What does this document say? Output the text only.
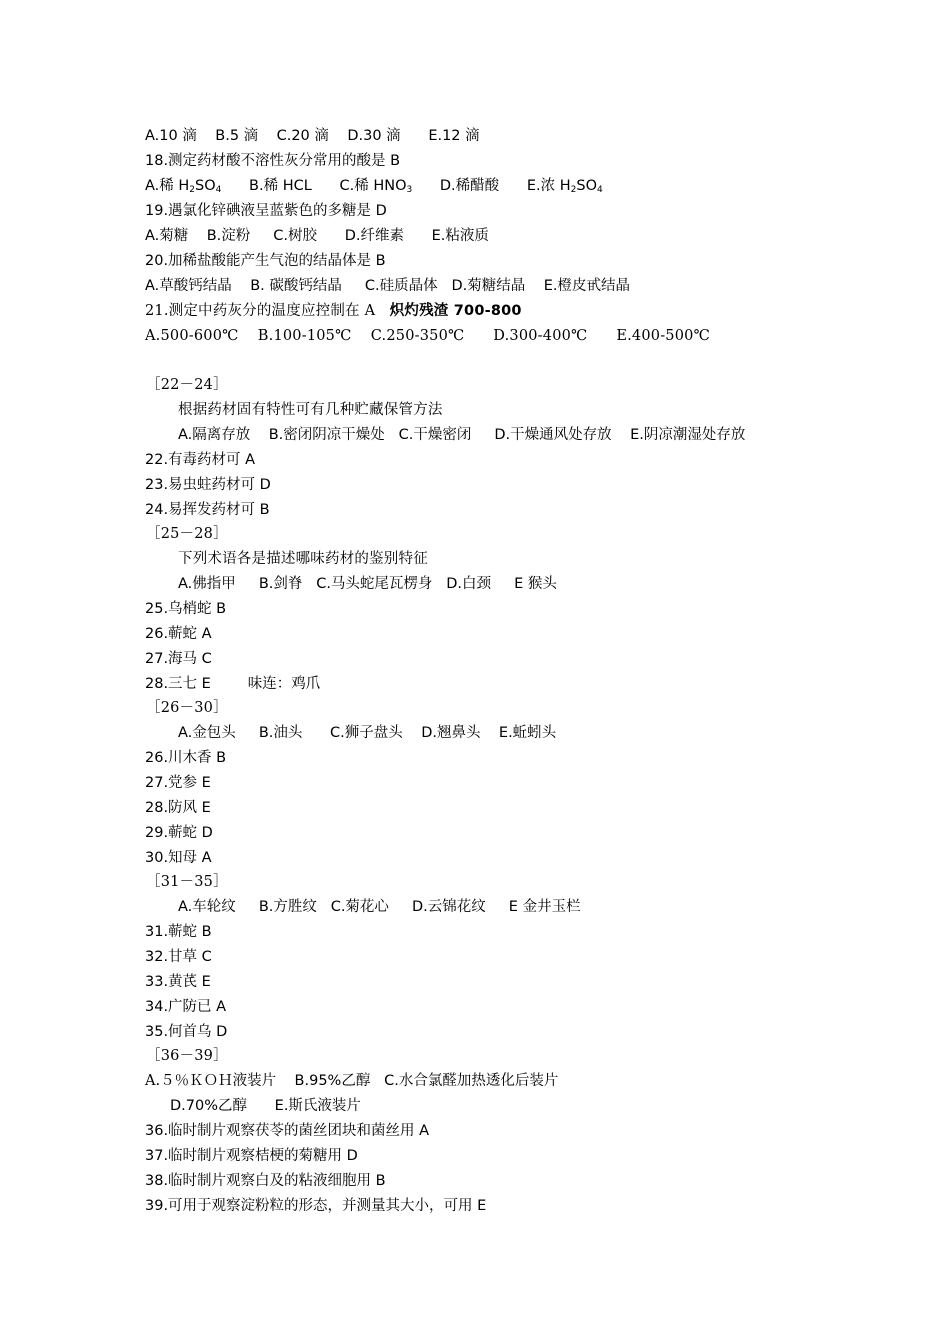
A.10 滴    B.5 滴    C.20 滴    D.30 滴      E.12 滴
18.测定药材酸不溶性灰分常用的酸是 B
A.稀 $H_2SO_4$ B.稀 HCL C.稀 $HNO_3$ D.稀醋酸 E.浓 $H_2SO_4$
19.遇氯化锌碘液呈蓝紫色的多糖是 D
A.菊糖    B.淀粉     C.树胶      D.纤维素      E.粘液质
20.加稀盐酸能产生气泡的结晶体是 B
A.草酸钙结晶    B. 碳酸钙结晶     C.硅质晶体   D.菊糖结晶    E.橙皮甙结晶
21.测定中药灰分的温度应控制在 A 炽灼残渣 700-800
A.500-600℃    B.100-105℃    C.250-350℃      D.300-400℃      E.400-500℃
［22－24］
根据药材固有特性可有几种贮藏保管方法
A.隔离存放    B.密闭阴凉干燥处   C.干燥密闭     D.干燥通风处存放    E.阴凉潮湿处存放
22.有毒药材可 A
23.易虫蛀药材可 D
24.易挥发药材可 B
［25－28］
下列术语各是描述哪味药材的鉴别特征
A.佛指甲     B.剑脊   C.马头蛇尾瓦楞身   D.白颈     E 猴头
25.乌梢蛇 B
26.蕲蛇 A
27.海马 C
28.三七 E        味连：鸡爪
［26－30］
A.金包头     B.油头      C.狮子盘头    D.翘鼻头    E.蚯蚓头
26.川木香 B
27.党参 E
28.防风 E
29.蕲蛇 D
30.知母 A
［31－35］
A.车轮纹     B.方胜纹   C.菊花心     D.云锦花纹     E 金井玉栏
31.蕲蛇 B
32.甘草 C
33.黄芪 E
34.广防已 A
35.何首乌 D
［36－39］
A.５％ＫＯＨ液装片 B.95%乙醇   C.水合氯醛加热透化后装片
D.70%乙醇      E.斯氏液装片
36.临时制片观察茯苓的菌丝团块和菌丝用 A
37.临时制片观察桔梗的菊糖用 D
38.临时制片观察白及的粘液细胞用 B
39.可用于观察淀粉粒的形态，并测量其大小，可用 E
